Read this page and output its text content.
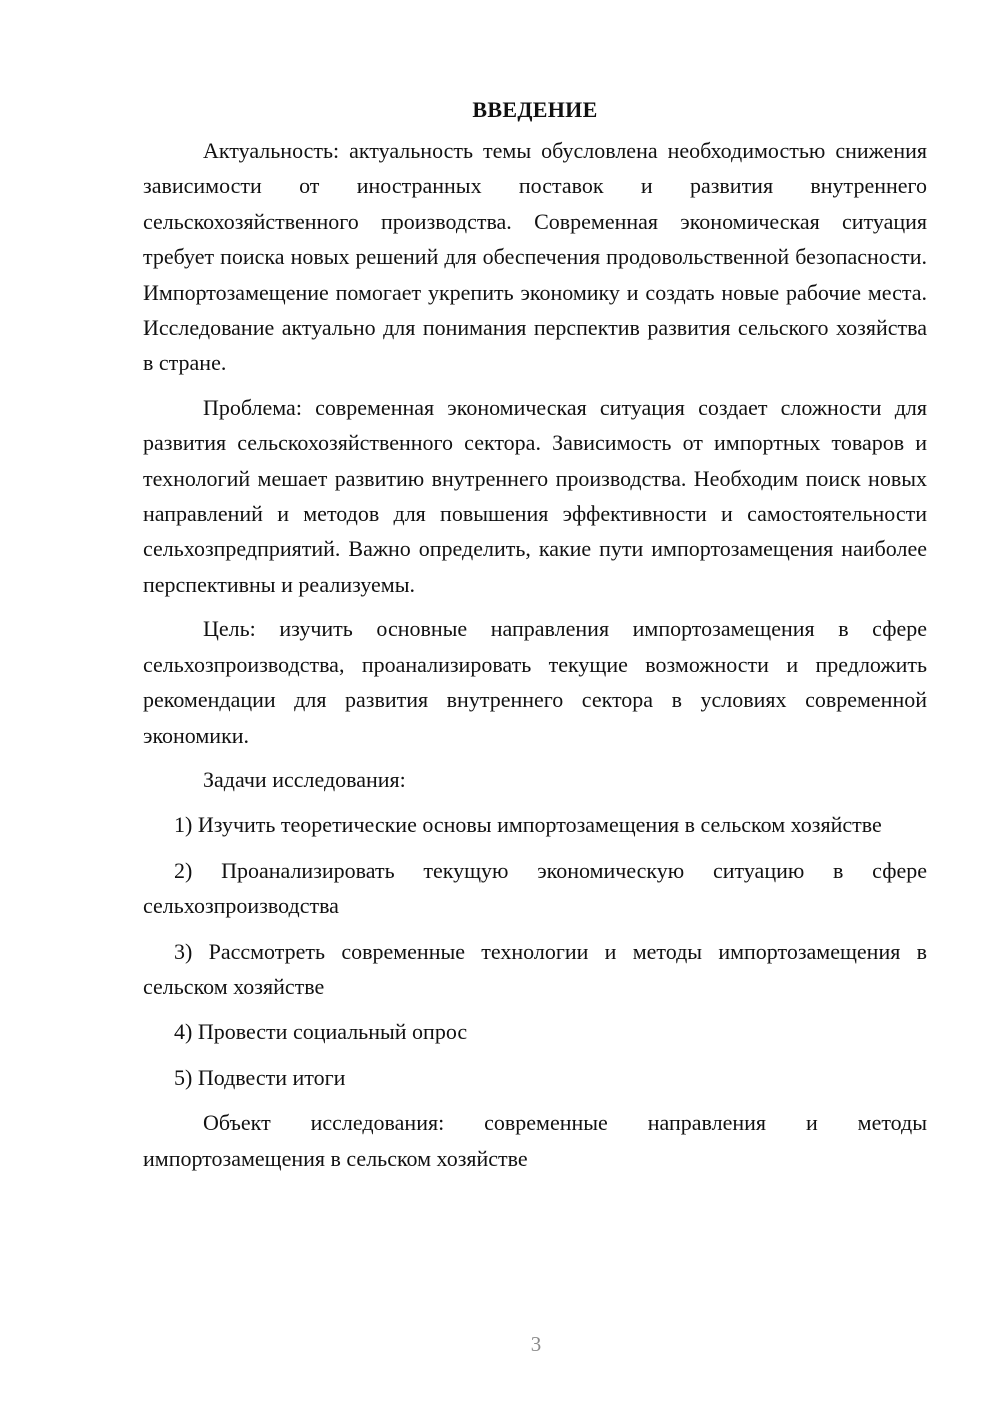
ВВЕДЕНИЕ

Актуальность: актуальность темы обусловлена необходимостью снижения зависимости от иностранных поставок и развития внутреннего сельскохозяйственного производства. Современная экономическая ситуация требует поиска новых решений для обеспечения продовольственной безопасности. Импортозамещение помогает укрепить экономику и создать новые рабочие места. Исследование актуально для понимания перспектив развития сельского хозяйства в стране.

Проблема: современная экономическая ситуация создает сложности для развития сельскохозяйственного сектора. Зависимость от импортных товаров и технологий мешает развитию внутреннего производства. Необходим поиск новых направлений и методов для повышения эффективности и самостоятельности сельхозпредприятий. Важно определить, какие пути импортозамещения наиболее перспективны и реализуемы.

Цель: изучить основные направления импортозамещения в сфере сельхозпроизводства, проанализировать текущие возможности и предложить рекомендации для развития внутреннего сектора в условиях современной экономики.

Задачи исследования:

1) Изучить теоретические основы импортозамещения в сельском хозяйстве

2) Проанализировать текущую экономическую ситуацию в сфере сельхозпроизводства

3) Рассмотреть современные технологии и методы импортозамещения в сельском хозяйстве

4) Провести социальный опрос

5) Подвести итоги

Объект исследования: современные направления и методы импортозамещения в сельском хозяйстве

3
